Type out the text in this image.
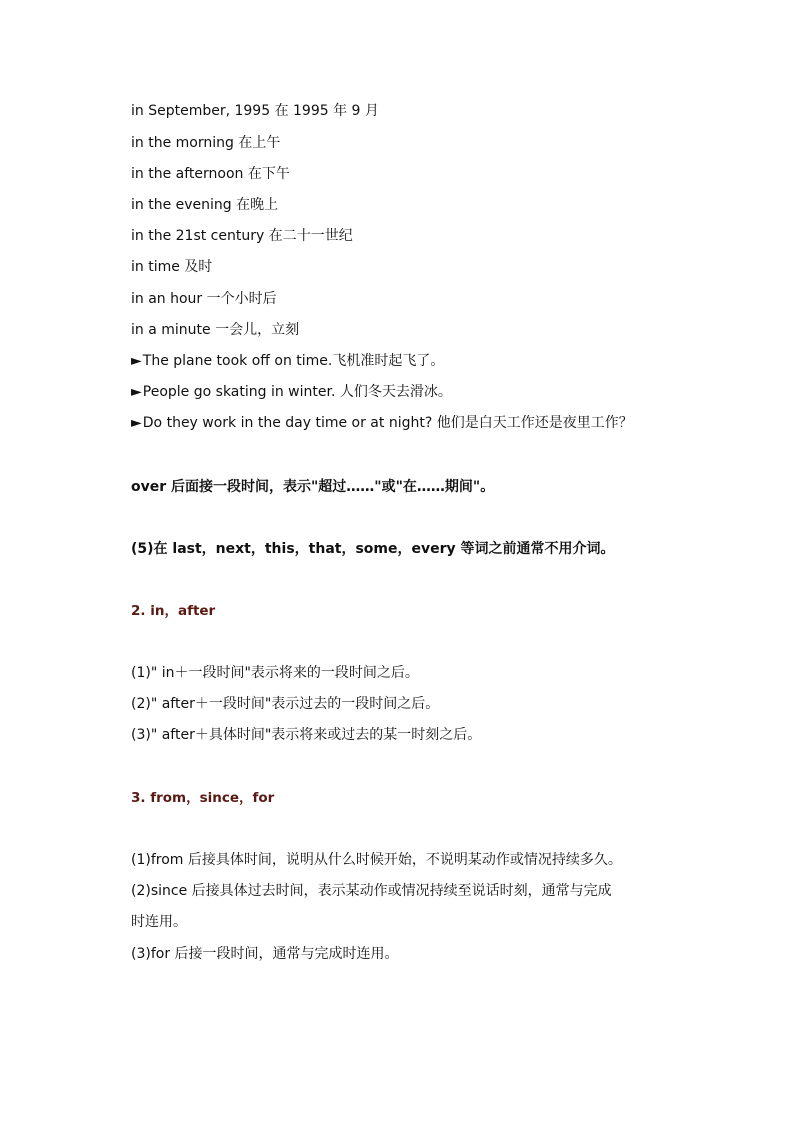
in September, 1995 在 1995 年 9 月
in the morning 在上午
in the afternoon 在下午
in the evening 在晚上
in the 21st century 在二十一世纪
in time 及时
in an hour 一个小时后
in a minute 一会儿，立刻
►The plane took off on time.飞机准时起飞了。
►People go skating in winter. 人们冬天去滑冰。
►Do they work in the day time or at night? 他们是白天工作还是夜里工作？
over 后面接一段时间，表示"超过……"或"在……期间"。
(5)在 last，next，this，that，some，every 等词之前通常不用介词。
2. in，after
(1)" in＋一段时间"表示将来的一段时间之后。
(2)" after＋一段时间"表示过去的一段时间之后。
(3)" after＋具体时间"表示将来或过去的某一时刻之后。
3. from，since，for
(1)from 后接具体时间，说明从什么时候开始，不说明某动作或情况持续多久。
(2)since 后接具体过去时间，表示某动作或情况持续至说话时刻，通常与完成
时连用。
(3)for 后接一段时间，通常与完成时连用。
